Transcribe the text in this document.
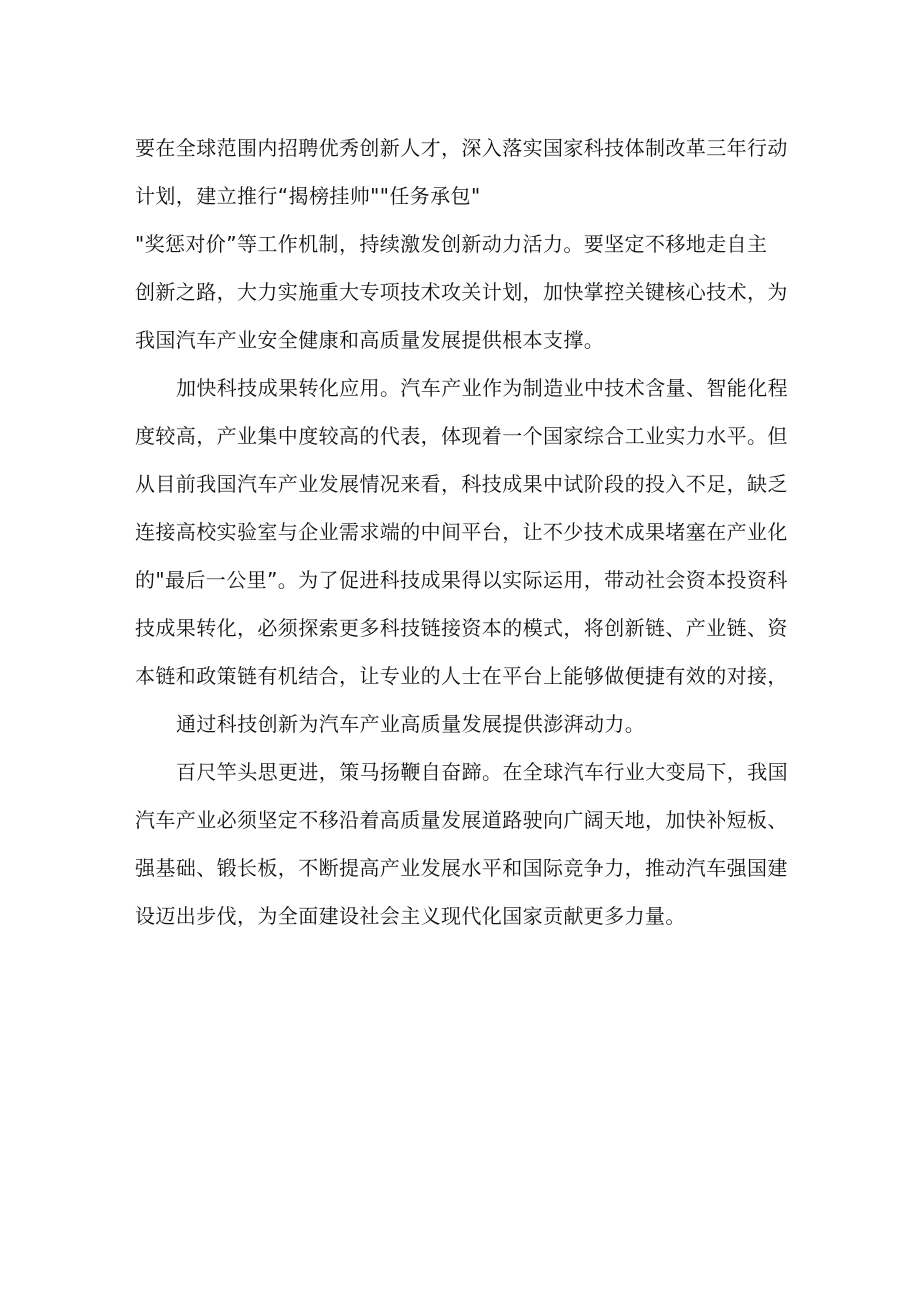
要在全球范围内招聘优秀创新人才，深入落实国家科技体制改革三年行动
计划，建立推行“揭榜挂帅""任务承包"
"奖惩对价”等工作机制，持续激发创新动力活力。要坚定不移地走自主
创新之路，大力实施重大专项技术攻关计划，加快掌控关键核心技术，为
我国汽车产业安全健康和高质量发展提供根本支撑。
加快科技成果转化应用。汽车产业作为制造业中技术含量、智能化程
度较高，产业集中度较高的代表，体现着一个国家综合工业实力水平。但
从目前我国汽车产业发展情况来看，科技成果中试阶段的投入不足，缺乏
连接高校实验室与企业需求端的中间平台，让不少技术成果堵塞在产业化
的"最后一公里”。为了促进科技成果得以实际运用，带动社会资本投资科
技成果转化，必须探索更多科技链接资本的模式，将创新链、产业链、资
本链和政策链有机结合，让专业的人士在平台上能够做便捷有效的对接，
通过科技创新为汽车产业高质量发展提供澎湃动力。
百尺竿头思更进，策马扬鞭自奋蹄。在全球汽车行业大变局下，我国
汽车产业必须坚定不移沿着高质量发展道路驶向广阔天地，加快补短板、
强基础、锻长板，不断提高产业发展水平和国际竞争力，推动汽车强国建
设迈出步伐，为全面建设社会主义现代化国家贡献更多力量。
